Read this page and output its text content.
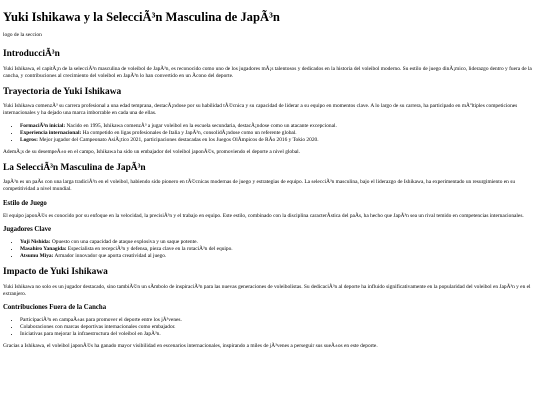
Yuki Ishikawa y la SelecciÃ³n Masculina de JapÃ³n
logo de la seccion
IntroducciÃ³n

Yuki Ishikawa, el capitÃ¡n de la selecciÃ³n masculina de voleibol de JapÃ³n, es reconocido como uno de los jugadores mÃ¡s talentosos y dedicados en la historia del voleibol moderno. Su estilo de juego dinÃ¡mico, liderazgo dentro y fuera de la cancha, y contribuciones al crecimiento del voleibol en JapÃ³n lo han convertido en un Ãcono del deporte.

Trayectoria de Yuki Ishikawa

Yuki Ishikawa comenzÃ³ su carrera profesional a una edad temprana, destacÃ¡ndose por su habilidad tÃ©cnica y su capacidad de liderar a su equipo en momentos clave. A lo largo de su carrera, ha participado en mÃºltiples competiciones internacionales y ha dejado una marca imborrable en cada una de ellas.

• FormaciÃ³n inicial: Nacido en 1995, Ishikawa comenzÃ³ a jugar voleibol en la escuela secundaria, destacÃ¡ndose como un atacante excepcional.
• Experiencia internacional: Ha competido en ligas profesionales de Italia y JapÃ³n, consolidÃ¡ndose como un referente global.
• Logros: Mejor jugador del Campeonato AsiÃ¡tico 2021, participaciones destacadas en los Juegos OlÃmpicos de RÃo 2016 y Tokio 2020.

AdemÃ¡s de su desempeÃ±o en el campo, Ishikawa ha sido un embajador del voleibol japonÃ©s, promoviendo el deporte a nivel global.

La SelecciÃ³n Masculina de JapÃ³n

JapÃ³n es un paÃs con una larga tradiciÃ³n en el voleibol, habiendo sido pionero en tÃ©cnicas modernas de juego y estrategias de equipo. La selecciÃ³n masculina, bajo el liderazgo de Ishikawa, ha experimentado un resurgimiento en su competitividad a nivel mundial.

Estilo de Juego

El equipo japonÃ©s es conocido por su enfoque en la velocidad, la precisiÃ³n y el trabajo en equipo. Este estilo, combinado con la disciplina caracterÃstica del paÃs, ha hecho que JapÃ³n sea un rival temido en competencias internacionales.

Jugadores Clave
• Yuji Nishida: Opuesto con una capacidad de ataque explosiva y un saque potente.
• Masahiro Yanagida: Especialista en recepciÃ³n y defensa, pieza clave en la rotaciÃ³n del equipo.
• Atsumu Miya: Armador innovador que aporta creatividad al juego.
Impacto de Yuki Ishikawa

Yuki Ishikawa no solo es un jugador destacado, sino tambiÃ©n un sÃmbolo de inspiraciÃ³n para las nuevas generaciones de voleibolistas. Su dedicaciÃ³n al deporte ha influido significativamente en la popularidad del voleibol en JapÃ³n y en el extranjero.

Contribuciones Fuera de la Cancha
• ParticipaciÃ³n en campaÃ±as para promover el deporte entre los jÃ³venes.
• Colaboraciones con marcas deportivas internacionales como embajador.
• Iniciativas para mejorar la infraestructura del voleibol en JapÃ³n.

Gracias a Ishikawa, el voleibol japonÃ©s ha ganado mayor visibilidad en escenarios internacionales, inspirando a miles de jÃ³venes a perseguir sus sueÃ±os en este deporte.
